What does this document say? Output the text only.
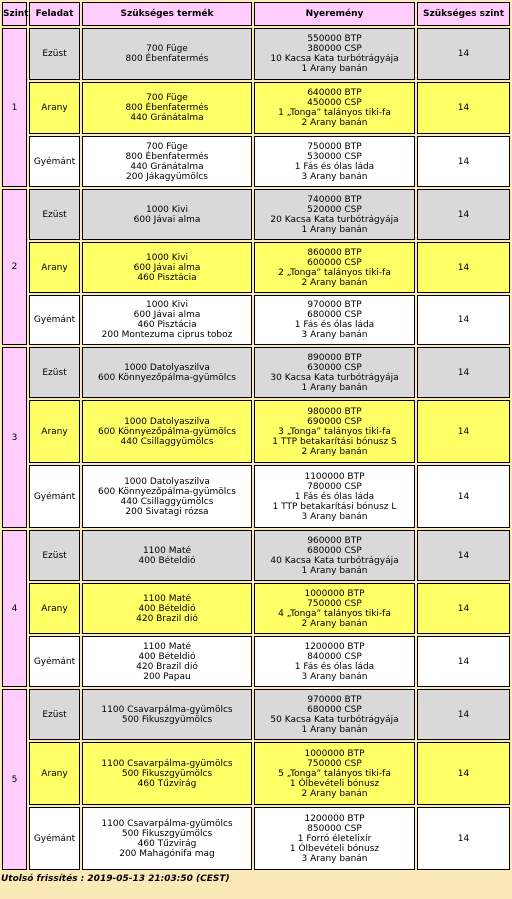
Szint	Feladat	Szükséges termék	Nyeremény	Szükséges szint
1	Ezüst	700 Füge
800 Ébenfatermés	550000 BTP
380000 CSP
10 Kacsa Kata turbótrágyája
1 Arany banán	14
	Arany	700 Füge
800 Ébenfatermés
440 Gránátalma	640000 BTP
450000 CSP
1 „Tonga” talányos tiki-fa
2 Arany banán	14
	Gyémánt	700 Füge
800 Ébenfatermés
440 Gránátalma
200 Jákagyümölcs	750000 BTP
530000 CSP
1 Fás és ólas láda
3 Arany banán	14
2	Ezüst	1000 Kivi
600 Jávai alma	740000 BTP
520000 CSP
20 Kacsa Kata turbótrágyája
1 Arany banán	14
	Arany	1000 Kivi
600 Jávai alma
460 Pisztácia	860000 BTP
600000 CSP
2 „Tonga” talányos tiki-fa
2 Arany banán	14
	Gyémánt	1000 Kivi
600 Jávai alma
460 Pisztácia
200 Montezuma ciprus toboz	970000 BTP
680000 CSP
1 Fás és ólas láda
3 Arany banán	14
3	Ezüst	1000 Datolyaszilva
600 Könnyezőpálma-gyümölcs	890000 BTP
630000 CSP
30 Kacsa Kata turbótrágyája
1 Arany banán	14
	Arany	1000 Datolyaszilva
600 Könnyezőpálma-gyümölcs
440 Csillaggyümölcs	980000 BTP
690000 CSP
3 „Tonga” talányos tiki-fa
1 TTP betakarítási bónusz S
2 Arany banán	14
	Gyémánt	1000 Datolyaszilva
600 Könnyezőpálma-gyümölcs
440 Csillaggyümölcs
200 Sivatagi rózsa	1100000 BTP
780000 CSP
1 Fás és ólas láda
1 TTP betakarítási bónusz L
3 Arany banán	14
4	Ezüst	1100 Maté
400 Bételdió	960000 BTP
680000 CSP
40 Kacsa Kata turbótrágyája
1 Arany banán	14
	Arany	1100 Maté
400 Bételdió
420 Brazil dió	1000000 BTP
750000 CSP
4 „Tonga” talányos tiki-fa
2 Arany banán	14
	Gyémánt	1100 Maté
400 Bételdió
420 Brazil dió
200 Papau	1200000 BTP
840000 CSP
1 Fás és ólas láda
3 Arany banán	14
5	Ezüst	1100 Csavarpálma-gyümölcs
500 Fikuszgyümölcs	970000 BTP
680000 CSP
50 Kacsa Kata turbótrágyája
1 Arany banán	14
	Arany	1100 Csavarpálma-gyümölcs
500 Fikuszgyümölcs
460 Tűzvirág	1000000 BTP
750000 CSP
5 „Tonga” talányos tiki-fa
1 Ólbevételi bónusz
2 Arany banán	14
	Gyémánt	1100 Csavarpálma-gyümölcs
500 Fikuszgyümölcs
460 Tűzvirág
200 Mahagónifa mag	1200000 BTP
850000 CSP
1 Forró életelixír
1 Ólbevételi bónusz
3 Arany banán	14
Utolsó frissítés : 2019-05-13 21:03:50 (CEST)
